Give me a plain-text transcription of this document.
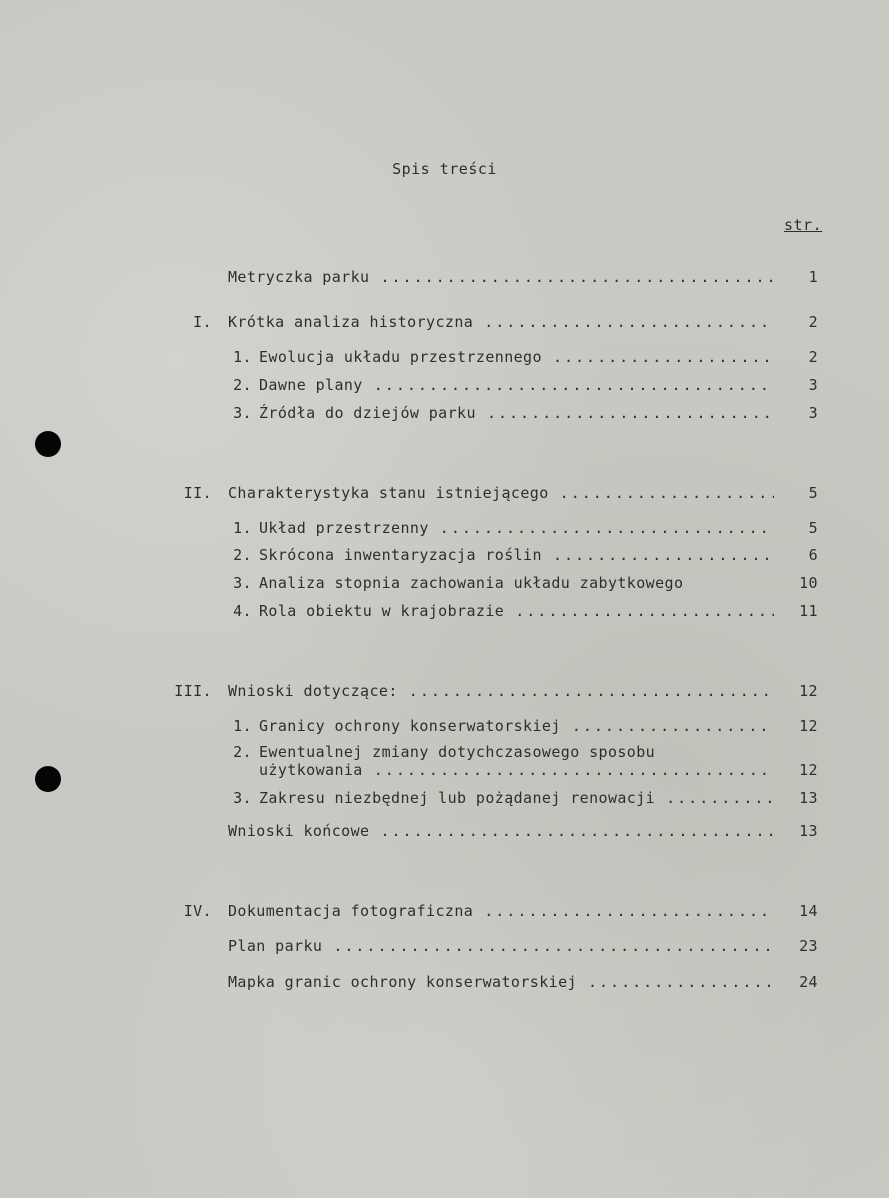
Spis treści
str.
Metryczka parku .....	1
I. Krótka analiza historyczna .....	2
1. Ewolucja układu przestrzennego .....	2
2. Dawne plany .....	3
3. Źródła do dziejów parku .....	3
II. Charakterystyka stanu istniejącego .....	5
1. Układ przestrzenny .....	5
2. Skrócona inwentaryzacja roślin .....	6
3. Analiza stopnia zachowania układu zabytkowego	10
4. Rola obiektu w krajobrazie .....	11
III. Wnioski dotyczące: .....	12
1. Granicy ochrony konserwatorskiej .....	12
2. Ewentualnej zmiany dotychczasowego sposobu
użytkowania .....	12
3. Zakresu niezbędnej lub pożądanej renowacji .....	13
Wnioski końcowe .....	13
IV. Dokumentacja fotograficzna .....	14
Plan parku .....	23
Mapka granic ochrony konserwatorskiej .....	24
